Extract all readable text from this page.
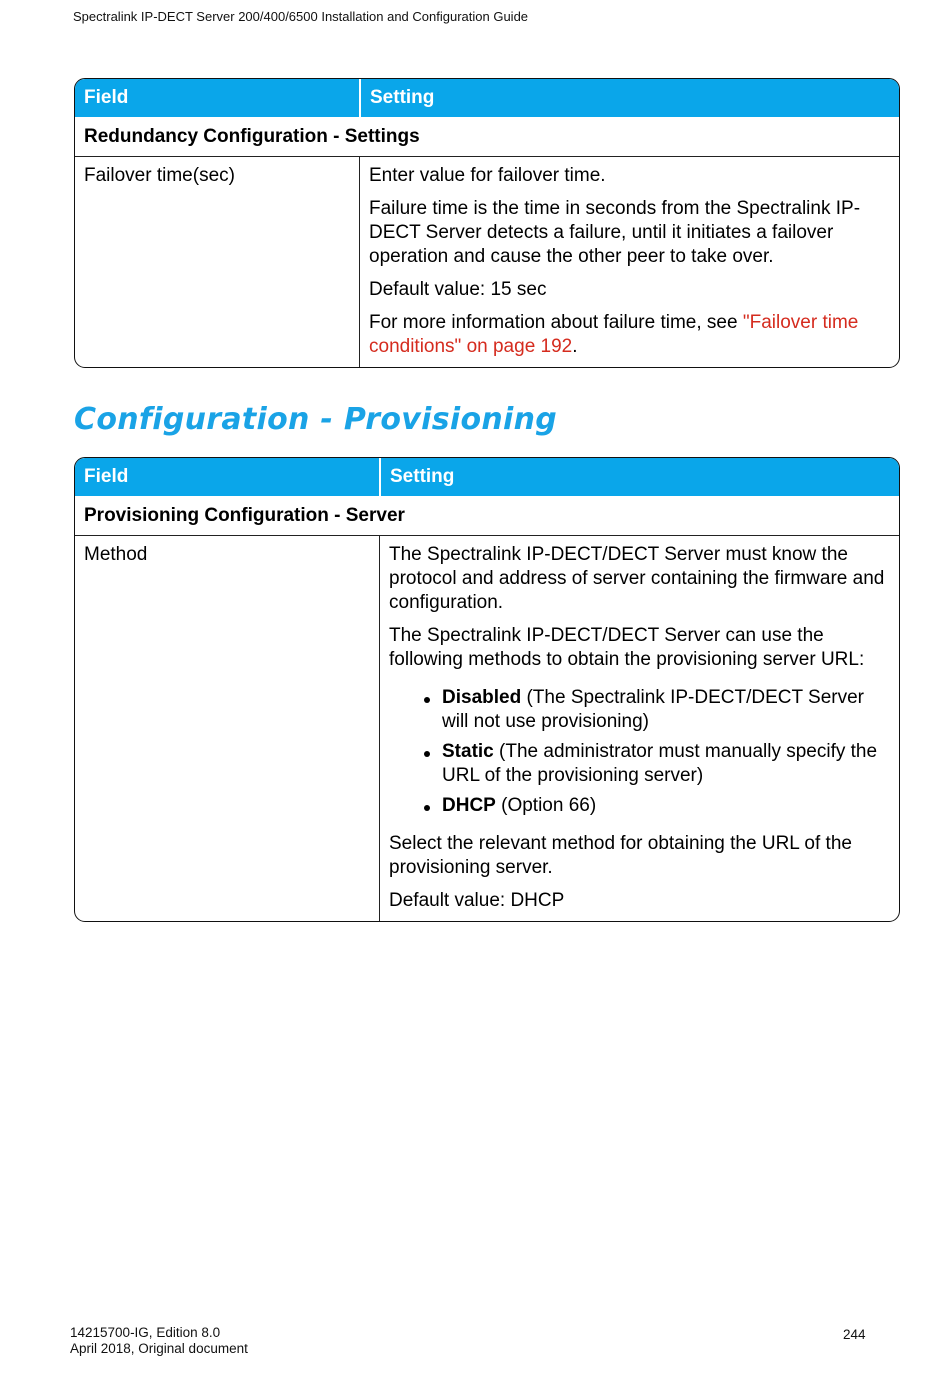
Spectralink IP-DECT Server 200/400/6500 Installation and Configuration Guide
Field	Setting
Redundancy Configuration - Settings
Failover time(sec)	Enter value for failover time.

Failure time is the time in seconds from the Spectralink IP-DECT Server detects a failure, until it initiates a failover operation and cause the other peer to take over.

Default value: 15 sec

For more information about failure time, see "Failover time conditions" on page 192.

Configuration - Provisioning
Field	Setting
Provisioning Configuration - Server
Method	The Spectralink IP-DECT/DECT Server must know the protocol and address of server containing the firmware and configuration.

The Spectralink IP-DECT/DECT Server can use the following methods to obtain the provisioning server URL:

Disabled (The Spectralink IP-DECT/DECT Server will not use provisioning)
Static (The administrator must manually specify the URL of the provisioning server)
DHCP (Option 66)

Select the relevant method for obtaining the URL of the provisioning server.

Default value: DHCP

14215700-IG, Edition 8.0
April 2018, Original document
244
